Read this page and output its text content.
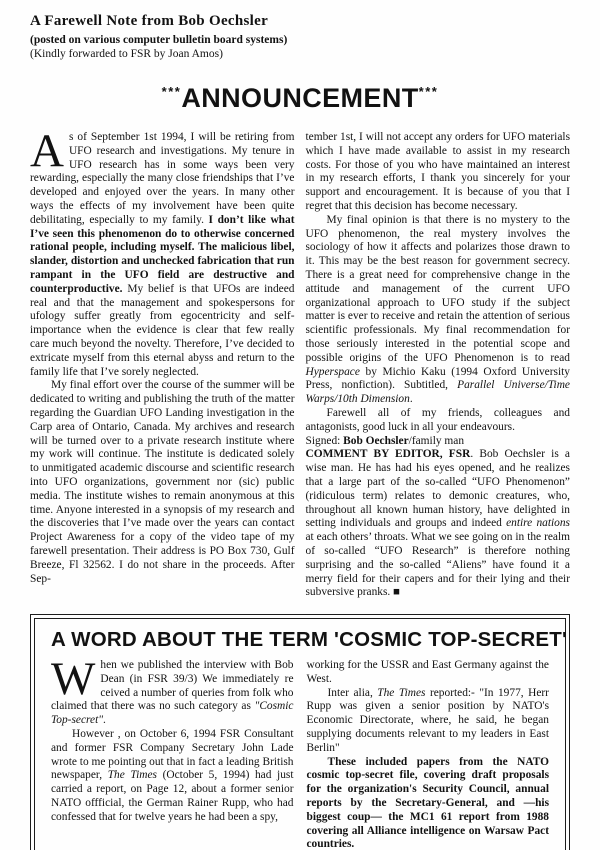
A Farewell Note from Bob Oechsler
(posted on various computer bulletin board systems)
(Kindly forwarded to FSR by Joan Amos)
***ANNOUNCEMENT***

As of September 1st 1994, I will be retiring from UFO research and investigations. My tenure in UFO research has in some ways been very rewarding, especially the many close friendships that I’ve developed and enjoyed over the years. In many other ways the effects of my involvement have been quite debilitating, especially to my family. I don’t like what I’ve seen this phenomenon do to otherwise concerned rational people, including myself. The malicious libel, slander, distortion and unchecked fabrication that run rampant in the UFO field are destructive and counterproductive. My belief is that UFOs are indeed real and that the management and spokespersons for ufology suffer greatly from egocentricity and self-importance when the evidence is clear that few really care much beyond the novelty. Therefore, I’ve decided to extricate myself from this eternal abyss and return to the family life that I’ve sorely neglected.

My final effort over the course of the summer will be dedicated to writing and publishing the truth of the matter regarding the Guardian UFO Landing investigation in the Carp area of Ontario, Canada. My archives and research will be turned over to a private research institute where my work will continue. The institute is dedicated solely to unmitigated academic discourse and scientific research into UFO organizations, government nor (sic) public media. The institute wishes to remain anonymous at this time. Anyone interested in a synopsis of my research and the discoveries that I’ve made over the years can contact Project Awareness for a copy of the video tape of my farewell presentation. Their address is PO Box 730, Gulf Breeze, Fl 32562. I do not share in the proceeds. After Sep-

tember 1st, I will not accept any orders for UFO materials which I have made available to assist in my research costs. For those of you who have maintained an interest in my research efforts, I thank you sincerely for your support and encouragement. It is because of you that I regret that this decision has become necessary.

My final opinion is that there is no mystery to the UFO phenomenon, the real mystery involves the sociology of how it affects and polarizes those drawn to it. This may be the best reason for government secrecy. There is a great need for comprehensive change in the attitude and management of the current UFO organizational approach to UFO study if the subject matter is ever to receive and retain the attention of serious scientific professionals. My final recommendation for those seriously interested in the potential scope and possible origins of the UFO Phenomenon is to read Hyperspace by Michio Kaku (1994 Oxford University Press, nonfiction). Subtitled, Parallel Universe/Time Warps/10th Dimension.

Farewell all of my friends, colleagues and antagonists, good luck in all your endeavours.

Signed: Bob Oechsler/family man

COMMENT BY EDITOR, FSR. Bob Oechsler is a wise man. He has had his eyes opened, and he realizes that a large part of the so-called “UFO Phenomenon” (ridiculous term) relates to demonic creatures, who, throughout all known human history, have delighted in setting individuals and groups and indeed entire nations at each others’ throats. What we see going on in the realm of so-called “UFO Research” is therefore nothing surprising and the so-called “Aliens” have found it a merry field for their capers and for their lying and their subversive pranks. ■

A WORD ABOUT THE TERM 'COSMIC TOP-SECRET'

When we published the interview with Bob Dean (in FSR 39/3) We immediately re ceived a number of queries from folk who claimed that there was no such category as "Cosmic Top-secret".

However , on October 6, 1994 FSR Consultant and former FSR Company Secretary John Lade wrote to me pointing out that in fact a leading British newspaper, The Times (October 5, 1994) had just carried a report, on Page 12, about a former senior NATO offficial, the German Rainer Rupp, who had confessed that for twelve years he had been a spy,

working for the USSR and East Germany against the West.

Inter alia, The Times reported:- "In 1977, Herr Rupp was given a senior position by NATO's Economic Directorate, where, he said, he began supplying documents relevant to my leaders in East Berlin"

These included papers from the NATO cosmic top-secret file, covering draft proposals for the organization's Security Council, annual reports by the Secretary-General, and —his biggest coup— the MC1 61 report from 1988 covering all Alliance intelligence on Warsaw Pact countries.
